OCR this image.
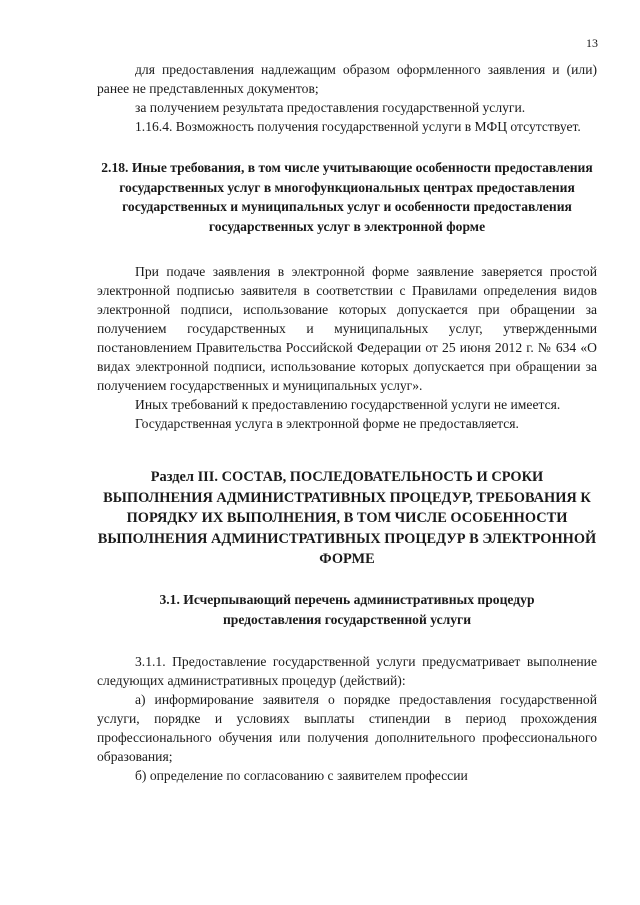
13

для предоставления надлежащим образом оформленного заявления и (или) ранее не представленных документов;

за получением результата предоставления государственной услуги.

1.16.4. Возможность получения государственной услуги в МФЦ отсутствует.

2.18. Иные требования, в том числе учитывающие особенности предоставления государственных услуг в многофункциональных центрах предоставления государственных и муниципальных услуг и особенности предоставления государственных услуг в электронной форме

При подаче заявления в электронной форме заявление заверяется простой электронной подписью заявителя в соответствии с Правилами определения видов электронной подписи, использование которых допускается при обращении за получением государственных и муниципальных услуг, утвержденными постановлением Правительства Российской Федерации от 25 июня 2012 г. № 634 «О видах электронной подписи, использование которых допускается при обращении за получением государственных и муниципальных услуг».

Иных требований к предоставлению государственной услуги не имеется.

Государственная услуга в электронной форме не предоставляется.

Раздел III. СОСТАВ, ПОСЛЕДОВАТЕЛЬНОСТЬ И СРОКИ ВЫПОЛНЕНИЯ АДМИНИСТРАТИВНЫХ ПРОЦЕДУР, ТРЕБОВАНИЯ К ПОРЯДКУ ИХ ВЫПОЛНЕНИЯ, В ТОМ ЧИСЛЕ ОСОБЕННОСТИ ВЫПОЛНЕНИЯ АДМИНИСТРАТИВНЫХ ПРОЦЕДУР В ЭЛЕКТРОННОЙ ФОРМЕ
3.1. Исчерпывающий перечень административных процедур предоставления государственной услуги

3.1.1. Предоставление государственной услуги предусматривает выполнение следующих административных процедур (действий):

а) информирование заявителя о порядке предоставления государственной услуги, порядке и условиях выплаты стипендии в период прохождения профессионального обучения или получения дополнительного профессионального образования;

б) определение по согласованию с заявителем профессии
